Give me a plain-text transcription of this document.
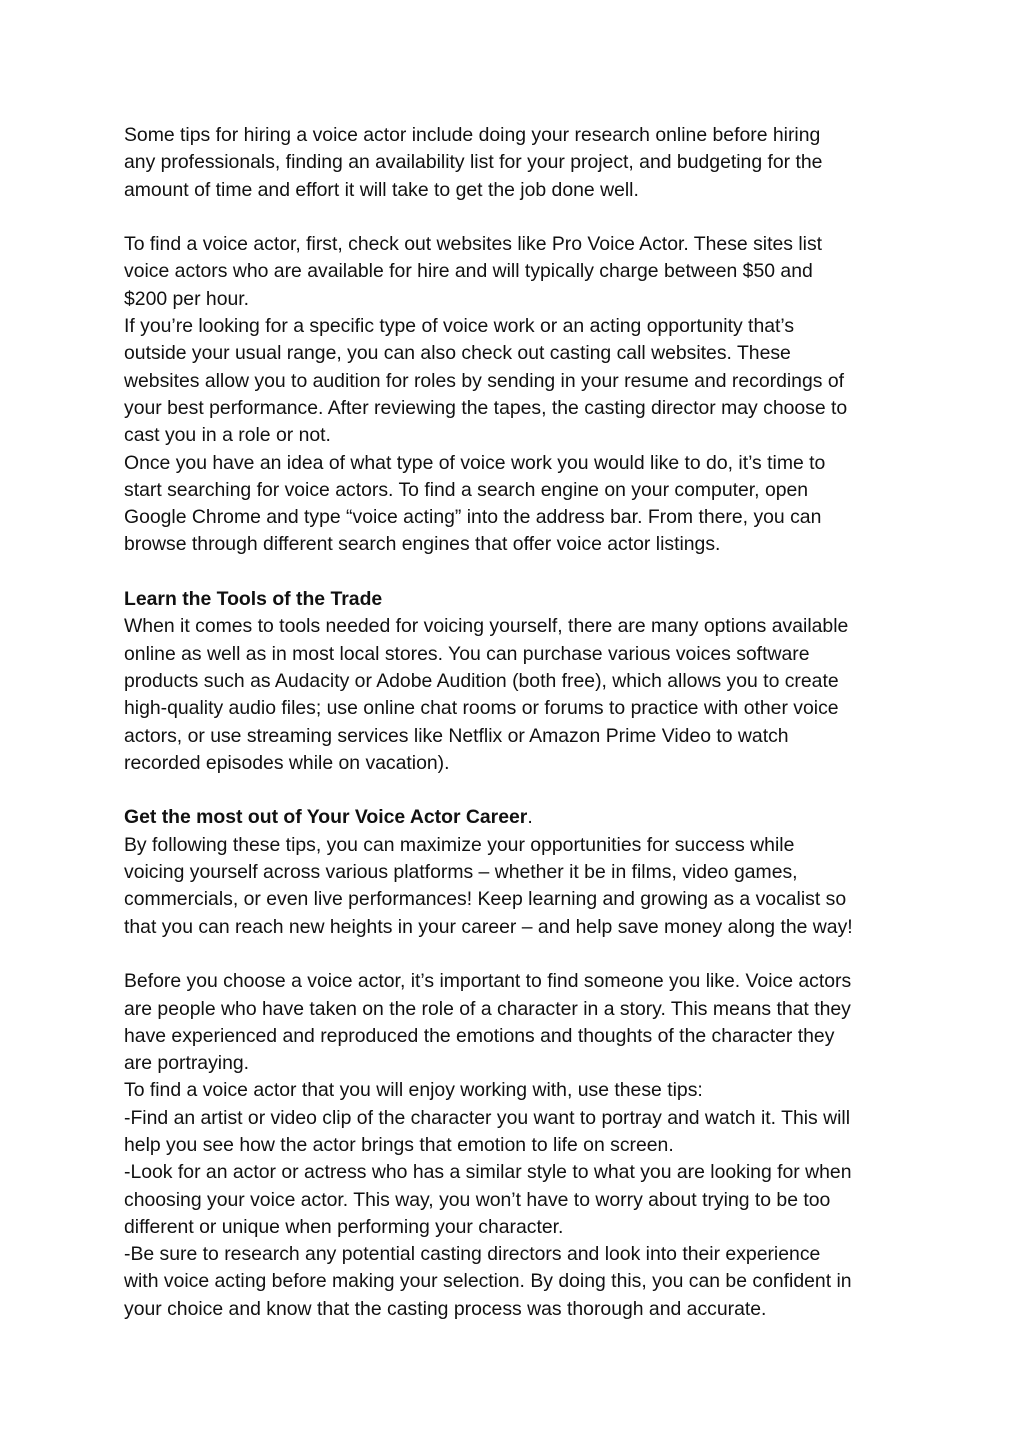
Some tips for hiring a voice actor include doing your research online before hiring
any professionals, finding an availability list for your project, and budgeting for the
amount of time and effort it will take to get the job done well.

To find a voice actor, first, check out websites like Pro Voice Actor. These sites list
voice actors who are available for hire and will typically charge between $50 and
$200 per hour.

If you’re looking for a specific type of voice work or an acting opportunity that’s
outside your usual range, you can also check out casting call websites. These
websites allow you to audition for roles by sending in your resume and recordings of
your best performance. After reviewing the tapes, the casting director may choose to
cast you in a role or not.

Once you have an idea of what type of voice work you would like to do, it’s time to
start searching for voice actors. To find a search engine on your computer, open
Google Chrome and type “voice acting” into the address bar. From there, you can
browse through different search engines that offer voice actor listings.

Learn the Tools of the Trade

When it comes to tools needed for voicing yourself, there are many options available
online as well as in most local stores. You can purchase various voices software
products such as Audacity or Adobe Audition (both free), which allows you to create
high-quality audio files; use online chat rooms or forums to practice with other voice
actors, or use streaming services like Netflix or Amazon Prime Video to watch
recorded episodes while on vacation).

Get the most out of Your Voice Actor Career.

By following these tips, you can maximize your opportunities for success while
voicing yourself across various platforms – whether it be in films, video games,
commercials, or even live performances! Keep learning and growing as a vocalist so
that you can reach new heights in your career – and help save money along the way!

Before you choose a voice actor, it’s important to find someone you like. Voice actors
are people who have taken on the role of a character in a story. This means that they
have experienced and reproduced the emotions and thoughts of the character they
are portraying.

To find a voice actor that you will enjoy working with, use these tips:

-Find an artist or video clip of the character you want to portray and watch it. This will
help you see how the actor brings that emotion to life on screen.

-Look for an actor or actress who has a similar style to what you are looking for when
choosing your voice actor. This way, you won’t have to worry about trying to be too
different or unique when performing your character.

-Be sure to research any potential casting directors and look into their experience
with voice acting before making your selection. By doing this, you can be confident in
your choice and know that the casting process was thorough and accurate.
